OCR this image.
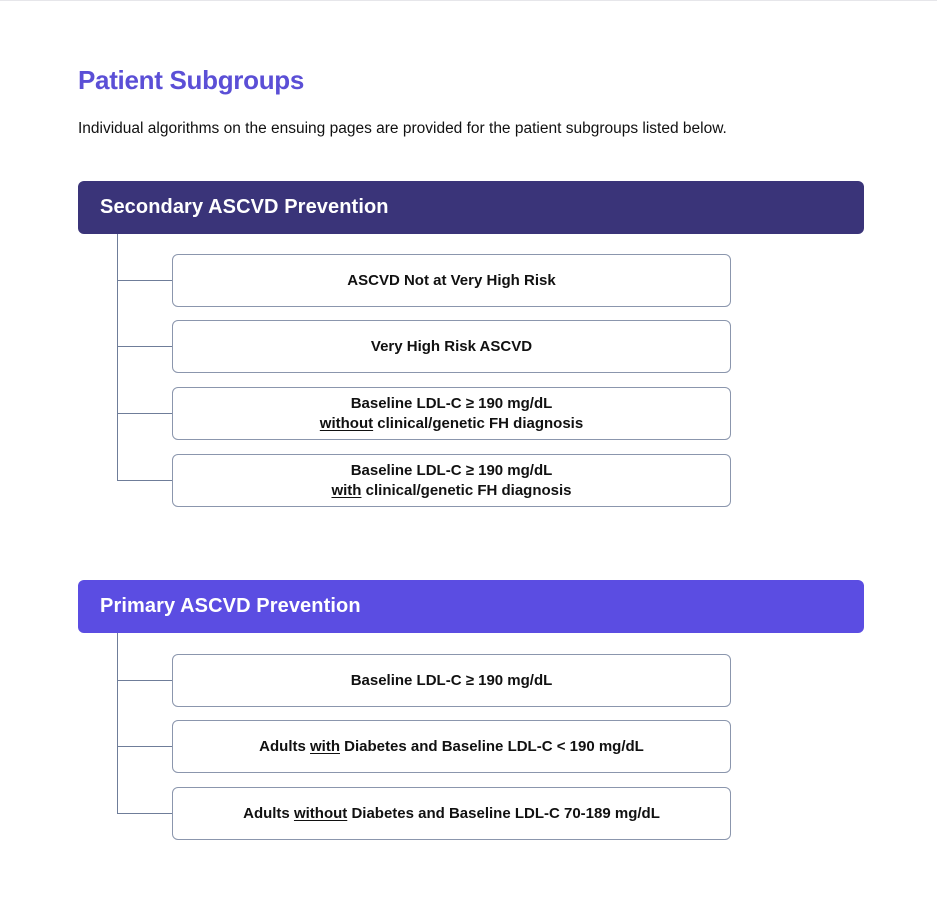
Patient Subgroups

Individual algorithms on the ensuing pages are provided for the patient subgroups listed below.

Secondary ASCVD Prevention
ASCVD Not at Very High Risk
Very High Risk ASCVD
Baseline LDL-C ≥ 190 mg/dL
without clinical/genetic FH diagnosis
Baseline LDL-C ≥ 190 mg/dL
with clinical/genetic FH diagnosis
Primary ASCVD Prevention
Baseline LDL-C ≥ 190 mg/dL
Adults with Diabetes and Baseline LDL-C < 190 mg/dL
Adults without Diabetes and Baseline LDL-C 70-189 mg/dL
